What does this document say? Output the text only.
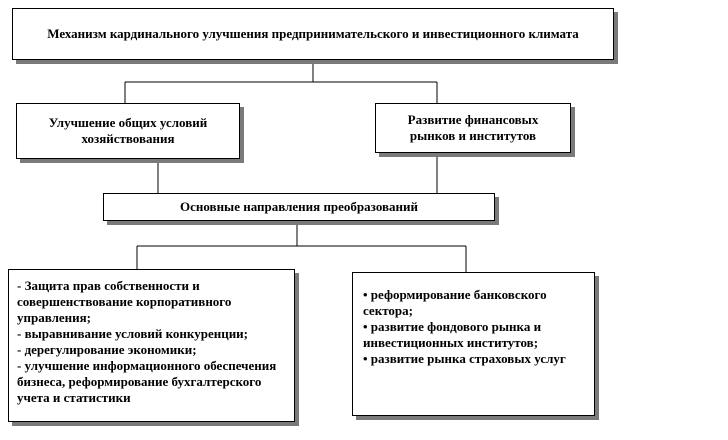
Механизм кардинального улучшения предпринимательского и инвестиционного климата
Улучшение общих условий хозяйствования
Развитие финансовых рынков и институтов
Основные направления преобразований
- Защита прав собственности и совершенствование корпоративного управления;
- выравнивание условий конкуренции;
- дерегулирование экономики;
- улучшение информационного обеспечения бизнеса, реформирование бухгалтерского учета и статистики
• реформирование банковского сектора;
• развитие фондового рынка и инвестиционных институтов;
• развитие рынка страховых услуг
